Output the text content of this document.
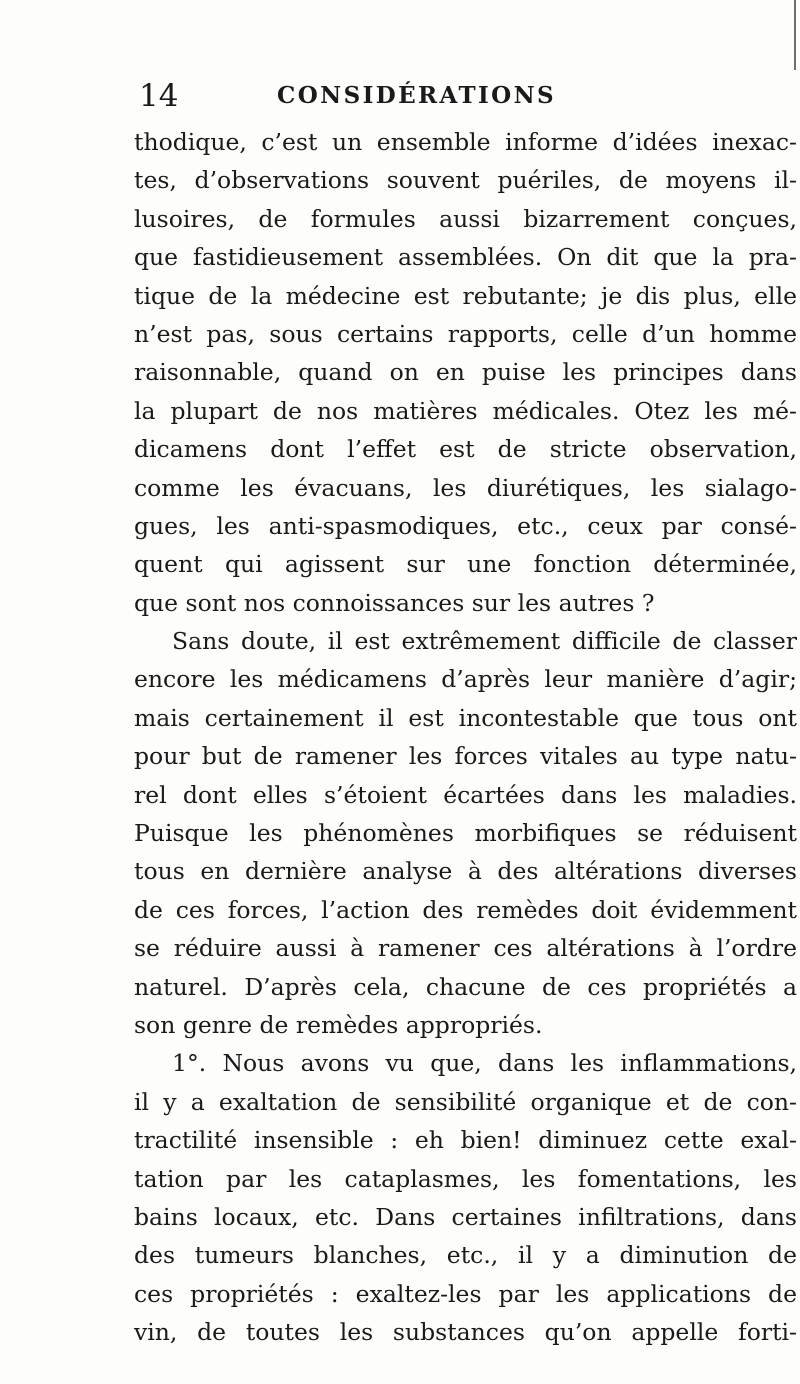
14	CONSIDÉRATIONS
thodique, c’est un ensemble informe d’idées inexac-
tes, d’observations souvent puériles, de moyens il-
lusoires, de formules aussi bizarrement conçues,
que fastidieusement assemblées. On dit que la pra-
tique de la médecine est rebutante; je dis plus, elle
n’est pas, sous certains rapports, celle d’un homme
raisonnable, quand on en puise les principes dans
la plupart de nos matières médicales. Otez les mé-
dicamens dont l’effet est de stricte observation,
comme les évacuans, les diurétiques, les sialago-
gues, les anti-spasmodiques, etc., ceux par consé-
quent qui agissent sur une fonction déterminée,
que sont nos connoissances sur les autres ?
Sans doute, il est extrêmement difficile de classer
encore les médicamens d’après leur manière d’agir;
mais certainement il est incontestable que tous ont
pour but de ramener les forces vitales au type natu-
rel dont elles s’étoient écartées dans les maladies.
Puisque les phénomènes morbifiques se réduisent
tous en dernière analyse à des altérations diverses
de ces forces, l’action des remèdes doit évidemment
se réduire aussi à ramener ces altérations à l’ordre
naturel. D’après cela, chacune de ces propriétés a
son genre de remèdes appropriés.
1°. Nous avons vu que, dans les inflammations,
il y a exaltation de sensibilité organique et de con-
tractilité insensible : eh bien! diminuez cette exal-
tation par les cataplasmes, les fomentations, les
bains locaux, etc. Dans certaines infiltrations, dans
des tumeurs blanches, etc., il y a diminution de
ces propriétés : exaltez-les par les applications de
vin, de toutes les substances qu’on appelle forti-
